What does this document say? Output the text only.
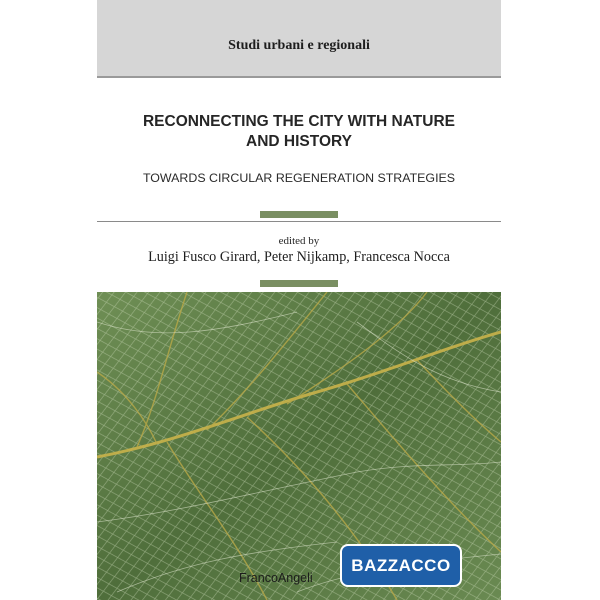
Studi urbani e regionali
RECONNECTING THE CITY WITH NATURE
AND HISTORY
TOWARDS CIRCULAR REGENERATION STRATEGIES
edited by
Luigi Fusco Girard, Peter Nijkamp, Francesca Nocca
FrancoAngeli
BAZZACCO
